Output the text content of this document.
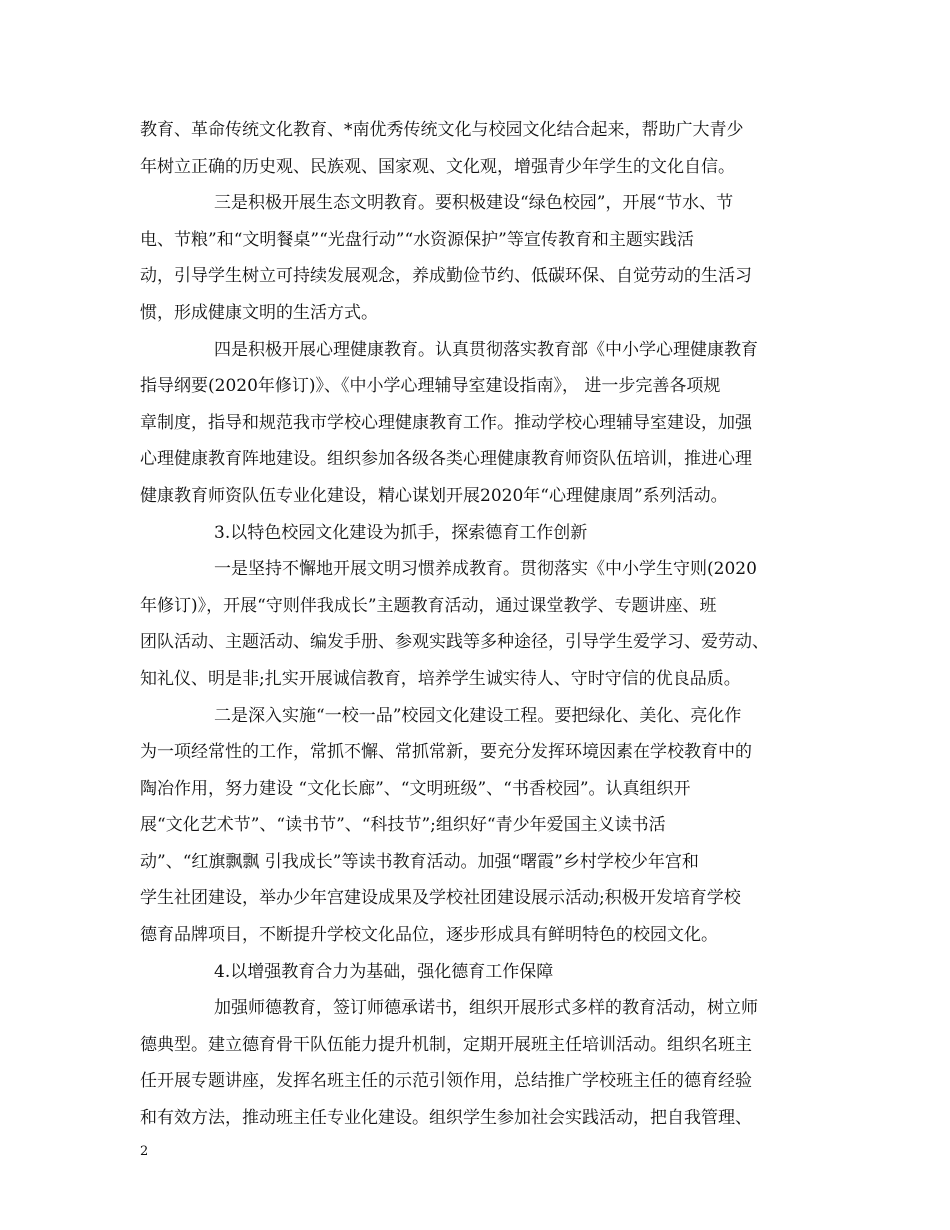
教育、革命传统文化教育、*南优秀传统文化与校园文化结合起来，帮助广大青少
年树立正确的历史观、民族观、国家观、文化观，增强青少年学生的文化自信。
三是积极开展生态文明教育。要积极建设“绿色校园”，开展“节水、节
电、节粮”和“文明餐桌”“光盘行动”“水资源保护”等宣传教育和主题实践活
动，引导学生树立可持续发展观念，养成勤俭节约、低碳环保、自觉劳动的生活习
惯，形成健康文明的生活方式。
四是积极开展心理健康教育。认真贯彻落实教育部《中小学心理健康教育
指导纲要(2020年修订)》、《中小学心理辅导室建设指南》， 进一步完善各项规
章制度，指导和规范我市学校心理健康教育工作。推动学校心理辅导室建设，加强
心理健康教育阵地建设。组织参加各级各类心理健康教育师资队伍培训，推进心理
健康教育师资队伍专业化建设，精心谋划开展2020年“心理健康周”系列活动。
3.以特色校园文化建设为抓手，探索德育工作创新
一是坚持不懈地开展文明习惯养成教育。贯彻落实《中小学生守则(2020
年修订)》，开展“守则伴我成长”主题教育活动，通过课堂教学、专题讲座、班
团队活动、主题活动、编发手册、参观实践等多种途径，引导学生爱学习、爱劳动、
知礼仪、明是非;扎实开展诚信教育，培养学生诚实待人、守时守信的优良品质。
二是深入实施“一校一品”校园文化建设工程。要把绿化、美化、亮化作
为一项经常性的工作，常抓不懈、常抓常新，要充分发挥环境因素在学校教育中的
陶冶作用，努力建设 “文化长廊”、“文明班级”、“书香校园”。认真组织开
展“文化艺术节”、“读书节”、“科技节”;组织好“青少年爱国主义读书活
动”、“红旗飘飘 引我成长”等读书教育活动。加强“曙霞”乡村学校少年宫和
学生社团建设，举办少年宫建设成果及学校社团建设展示活动;积极开发培育学校
德育品牌项目，不断提升学校文化品位，逐步形成具有鲜明特色的校园文化。
4.以增强教育合力为基础，强化德育工作保障
加强师德教育，签订师德承诺书，组织开展形式多样的教育活动，树立师
德典型。建立德育骨干队伍能力提升机制，定期开展班主任培训活动。组织名班主
任开展专题讲座，发挥名班主任的示范引领作用，总结推广学校班主任的德育经验
和有效方法，推动班主任专业化建设。组织学生参加社会实践活动，把自我管理、
2
